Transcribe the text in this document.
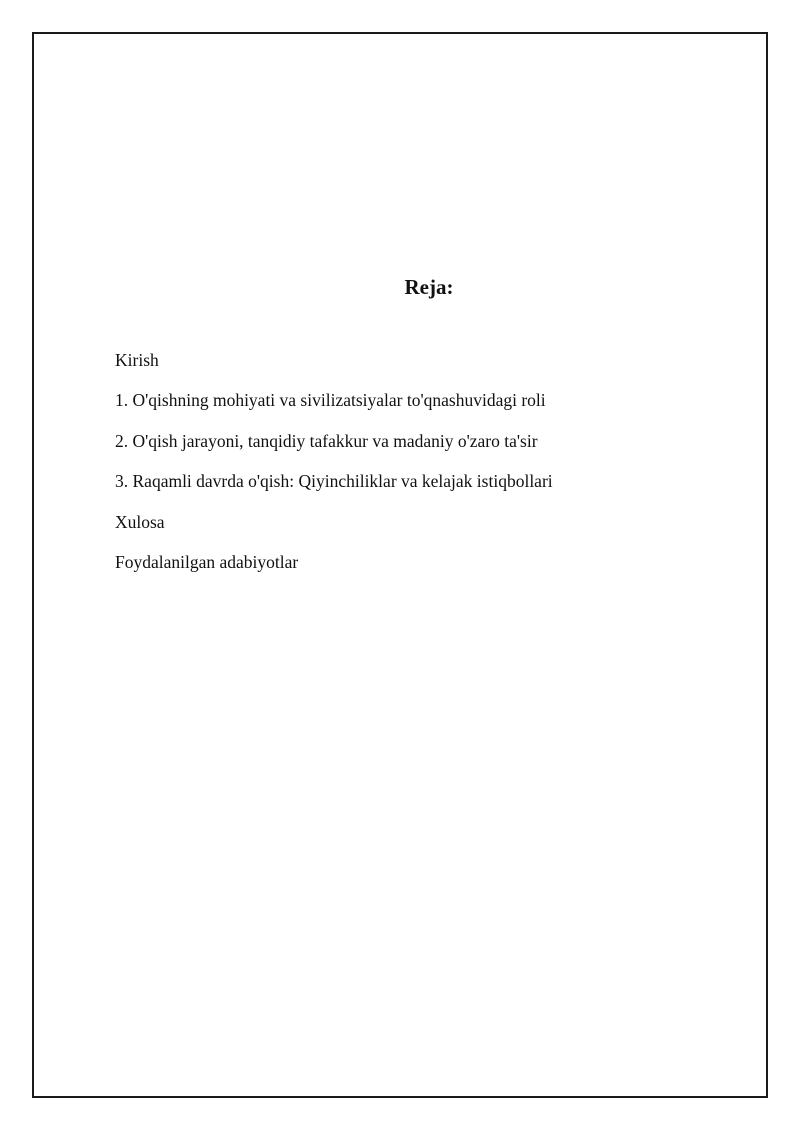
Reja:
Kirish
1. O'qishning mohiyati va sivilizatsiyalar to'qnashuvidagi roli
2. O'qish jarayoni, tanqidiy tafakkur va madaniy o'zaro ta'sir
3. Raqamli davrda o'qish: Qiyinchiliklar va kelajak istiqbollari
Xulosa
Foydalanilgan adabiyotlar
